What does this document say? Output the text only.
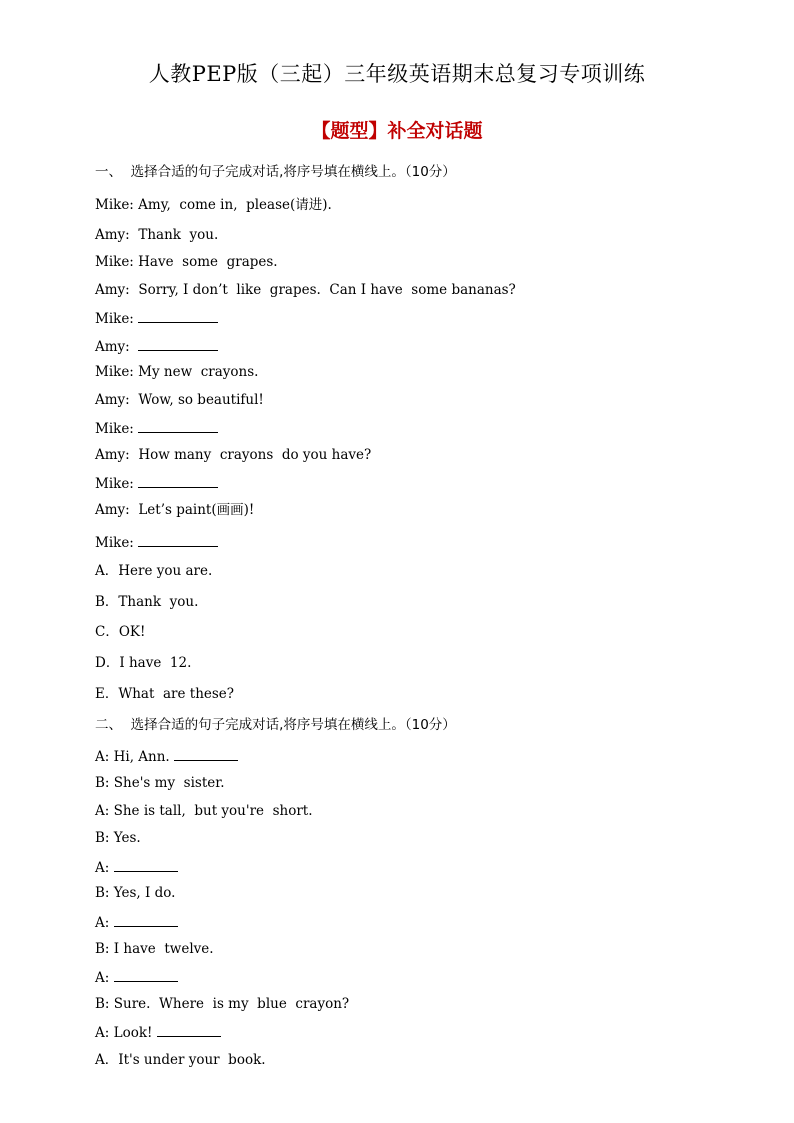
人教PEP版（三起）三年级英语期末总复习专项训练
【题型】补全对话题
一、  选择合适的句子完成对话,将序号填在横线上。（10分）
Mike: Amy,  come in,  please(请进).
Amy: Thank  you.
Mike: Have  some  grapes.
Amy: Sorry, I don’t  like  grapes.  Can I have  some bananas?
Mike:
Amy:
Mike: My new  crayons.
Amy: Wow, so beautiful!
Mike:
Amy: How many  crayons  do you have?
Mike:
Amy: Let’s paint(画画)!
Mike:
A．Here you are.
B．Thank  you.
C．OK!
D．I have  12.
E．What  are these?
二、  选择合适的句子完成对话,将序号填在横线上。（10分）
A: Hi, Ann.
B: She's my  sister.
A: She is tall,  but you're  short.
B: Yes.
A:
B: Yes, I do.
A:
B: I have  twelve.
A:
B: Sure.  Where  is my  blue  crayon?
A: Look!
A．It's under your  book.
